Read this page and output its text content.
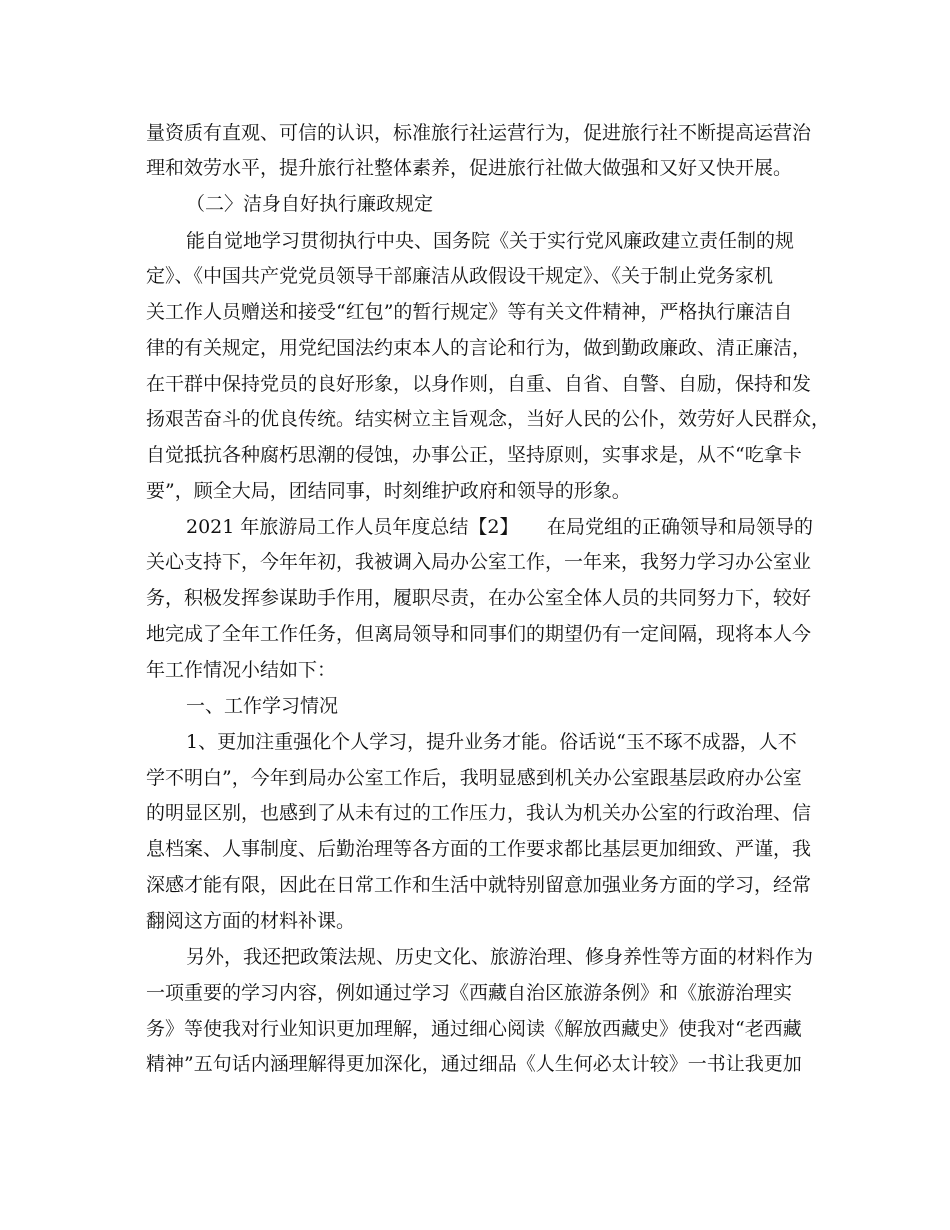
量资质有直观、可信的认识，标准旅行社运营行为，促进旅行社不断提高运营治
理和效劳水平，提升旅行社整体素养，促进旅行社做大做强和又好又快开展。
（二〉洁身自好执行廉政规定
能自觉地学习贯彻执行中央、国务院《关于实行党风廉政建立责任制的规
定》、《中国共产党党员领导干部廉洁从政假设干规定》、《关于制止党务家机
关工作人员赠送和接受“红包”的暂行规定》等有关文件精神，严格执行廉洁自
律的有关规定，用党纪国法约束本人的言论和行为，做到勤政廉政、清正廉洁，
在干群中保持党员的良好形象，以身作则，自重、自省、自警、自励，保持和发
扬艰苦奋斗的优良传统。结实树立主旨观念，当好人民的公仆，效劳好人民群众，
自觉抵抗各种腐朽思潮的侵蚀，办事公正，坚持原则，实事求是，从不“吃拿卡
要”，顾全大局，团结同事，时刻维护政府和领导的形象。
2021 年旅游局工作人员年度总结【2】　　在局党组的正确领导和局领导的
关心支持下，今年年初，我被调入局办公室工作，一年来，我努力学习办公室业
务，积极发挥参谋助手作用，履职尽责，在办公室全体人员的共同努力下，较好
地完成了全年工作任务，但离局领导和同事们的期望仍有一定间隔，现将本人今
年工作情况小结如下：
一、工作学习情况
1、更加注重强化个人学习，提升业务才能。俗话说“玉不琢不成器，人不
学不明白”，今年到局办公室工作后，我明显感到机关办公室跟基层政府办公室
的明显区别，也感到了从未有过的工作压力，我认为机关办公室的行政治理、信
息档案、人事制度、后勤治理等各方面的工作要求都比基层更加细致、严谨，我
深感才能有限，因此在日常工作和生活中就特别留意加强业务方面的学习，经常
翻阅这方面的材料补课。
另外，我还把政策法规、历史文化、旅游治理、修身养性等方面的材料作为
一项重要的学习内容，例如通过学习《西藏自治区旅游条例》和《旅游治理实
务》等使我对行业知识更加理解，通过细心阅读《解放西藏史》使我对“老西藏
精神”五句话内涵理解得更加深化，通过细品《人生何必太计较》一书让我更加
